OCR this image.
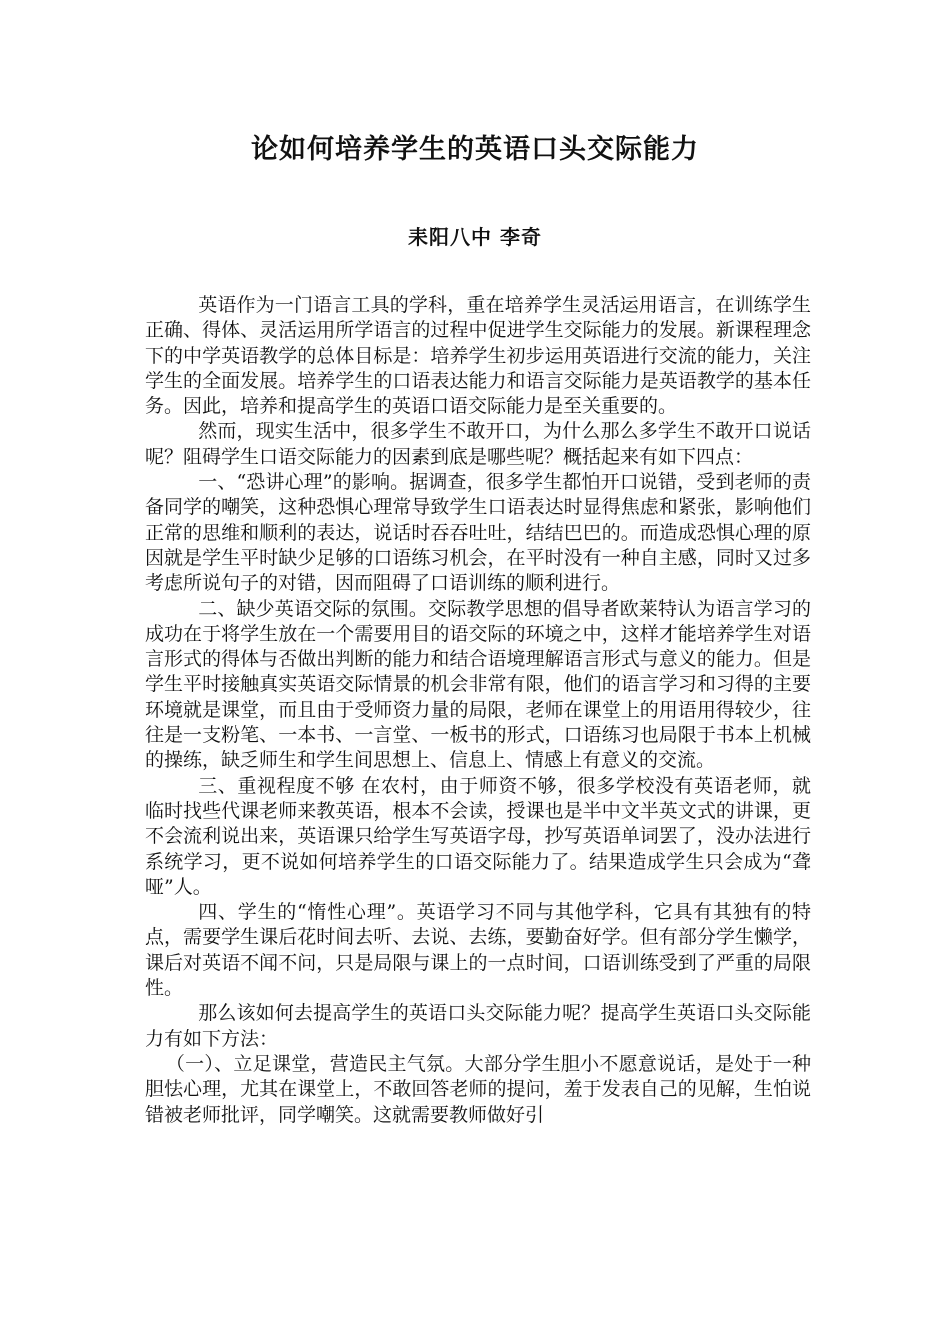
论如何培养学生的英语口头交际能力
耒阳八中 李奇

英语作为一门语言工具的学科，重在培养学生灵活运用语言，在训练学生正确、得体、灵活运用所学语言的过程中促进学生交际能力的发展。新课程理念下的中学英语教学的总体目标是：培养学生初步运用英语进行交流的能力，关注学生的全面发展。培养学生的口语表达能力和语言交际能力是英语教学的基本任务。因此，培养和提高学生的英语口语交际能力是至关重要的。

然而，现实生活中，很多学生不敢开口，为什么那么多学生不敢开口说话呢？阻碍学生口语交际能力的因素到底是哪些呢？概括起来有如下四点：

一、“恐讲心理”的影响。据调查，很多学生都怕开口说错，受到老师的责备同学的嘲笑，这种恐惧心理常导致学生口语表达时显得焦虑和紧张，影响他们正常的思维和顺利的表达，说话时吞吞吐吐，结结巴巴的。而造成恐惧心理的原因就是学生平时缺少足够的口语练习机会，在平时没有一种自主感，同时又过多考虑所说句子的对错，因而阻碍了口语训练的顺利进行。

二、缺少英语交际的氛围。交际教学思想的倡导者欧莱特认为语言学习的成功在于将学生放在一个需要用目的语交际的环境之中，这样才能培养学生对语言形式的得体与否做出判断的能力和结合语境理解语言形式与意义的能力。但是学生平时接触真实英语交际情景的机会非常有限，他们的语言学习和习得的主要环境就是课堂，而且由于受师资力量的局限，老师在课堂上的用语用得较少，往往是一支粉笔、一本书、一言堂、一板书的形式，口语练习也局限于书本上机械的操练，缺乏师生和学生间思想上、信息上、情感上有意义的交流。

三、重视程度不够 在农村，由于师资不够，很多学校没有英语老师，就临时找些代课老师来教英语，根本不会读，授课也是半中文半英文式的讲课，更不会流利说出来，英语课只给学生写英语字母，抄写英语单词罢了，没办法进行系统学习，更不说如何培养学生的口语交际能力了。结果造成学生只会成为“聋哑”人。

四、学生的“惰性心理”。英语学习不同与其他学科，它具有其独有的特点，需要学生课后花时间去听、去说、去练，要勤奋好学。但有部分学生懒学，课后对英语不闻不问，只是局限与课上的一点时间，口语训练受到了严重的局限性。

那么该如何去提高学生的英语口头交际能力呢？提高学生英语口头交际能力有如下方法：

（一）、立足课堂，营造民主气氛。大部分学生胆小不愿意说话，是处于一种胆怯心理，尤其在课堂上，不敢回答老师的提问，羞于发表自己的见解，生怕说错被老师批评，同学嘲笑。这就需要教师做好引
